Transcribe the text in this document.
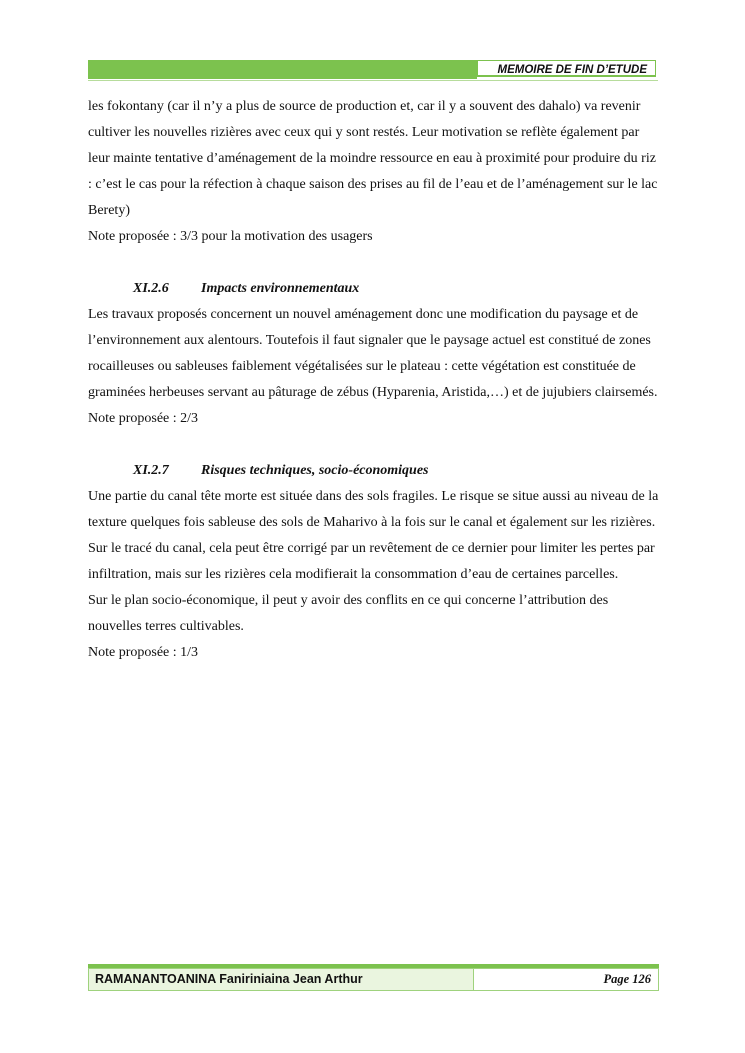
MEMOIRE DE FIN D’ETUDE

les fokontany (car il n’y a plus de source de production et, car il y a souvent des dahalo) va revenir cultiver les nouvelles rizières avec ceux qui y sont restés. Leur motivation se reflète également par leur mainte tentative d’aménagement de la moindre ressource en eau à proximité pour produire du riz : c’est le cas pour la réfection à chaque saison des prises au fil de l’eau et de l’aménagement sur le lac Berety)

Note proposée : 3/3 pour la motivation des usagers

XI.2.6 Impacts environnementaux

Les travaux proposés concernent un nouvel aménagement donc une modification du paysage et de l’environnement aux alentours. Toutefois il faut signaler que le paysage actuel est constitué de zones rocailleuses ou sableuses faiblement végétalisées sur le plateau : cette végétation est constituée de graminées herbeuses servant au pâturage de zébus (Hyparenia, Aristida,…) et de jujubiers clairsemés.

Note proposée : 2/3

XI.2.7 Risques techniques, socio-économiques

Une partie du canal tête morte est située dans des sols fragiles. Le risque se situe aussi au niveau de la texture quelques fois sableuse des sols de Maharivo à la fois sur le canal et également sur les rizières. Sur le tracé du canal, cela peut être corrigé par un revêtement de ce dernier pour limiter les pertes par infiltration, mais sur les rizières cela modifierait la consommation d’eau de certaines parcelles.

Sur le plan socio-économique, il peut y avoir des conflits en ce qui concerne l’attribution des nouvelles terres cultivables.

Note proposée : 1/3

RAMANANTOANINA Faniriniaina Jean Arthur	Page 126
